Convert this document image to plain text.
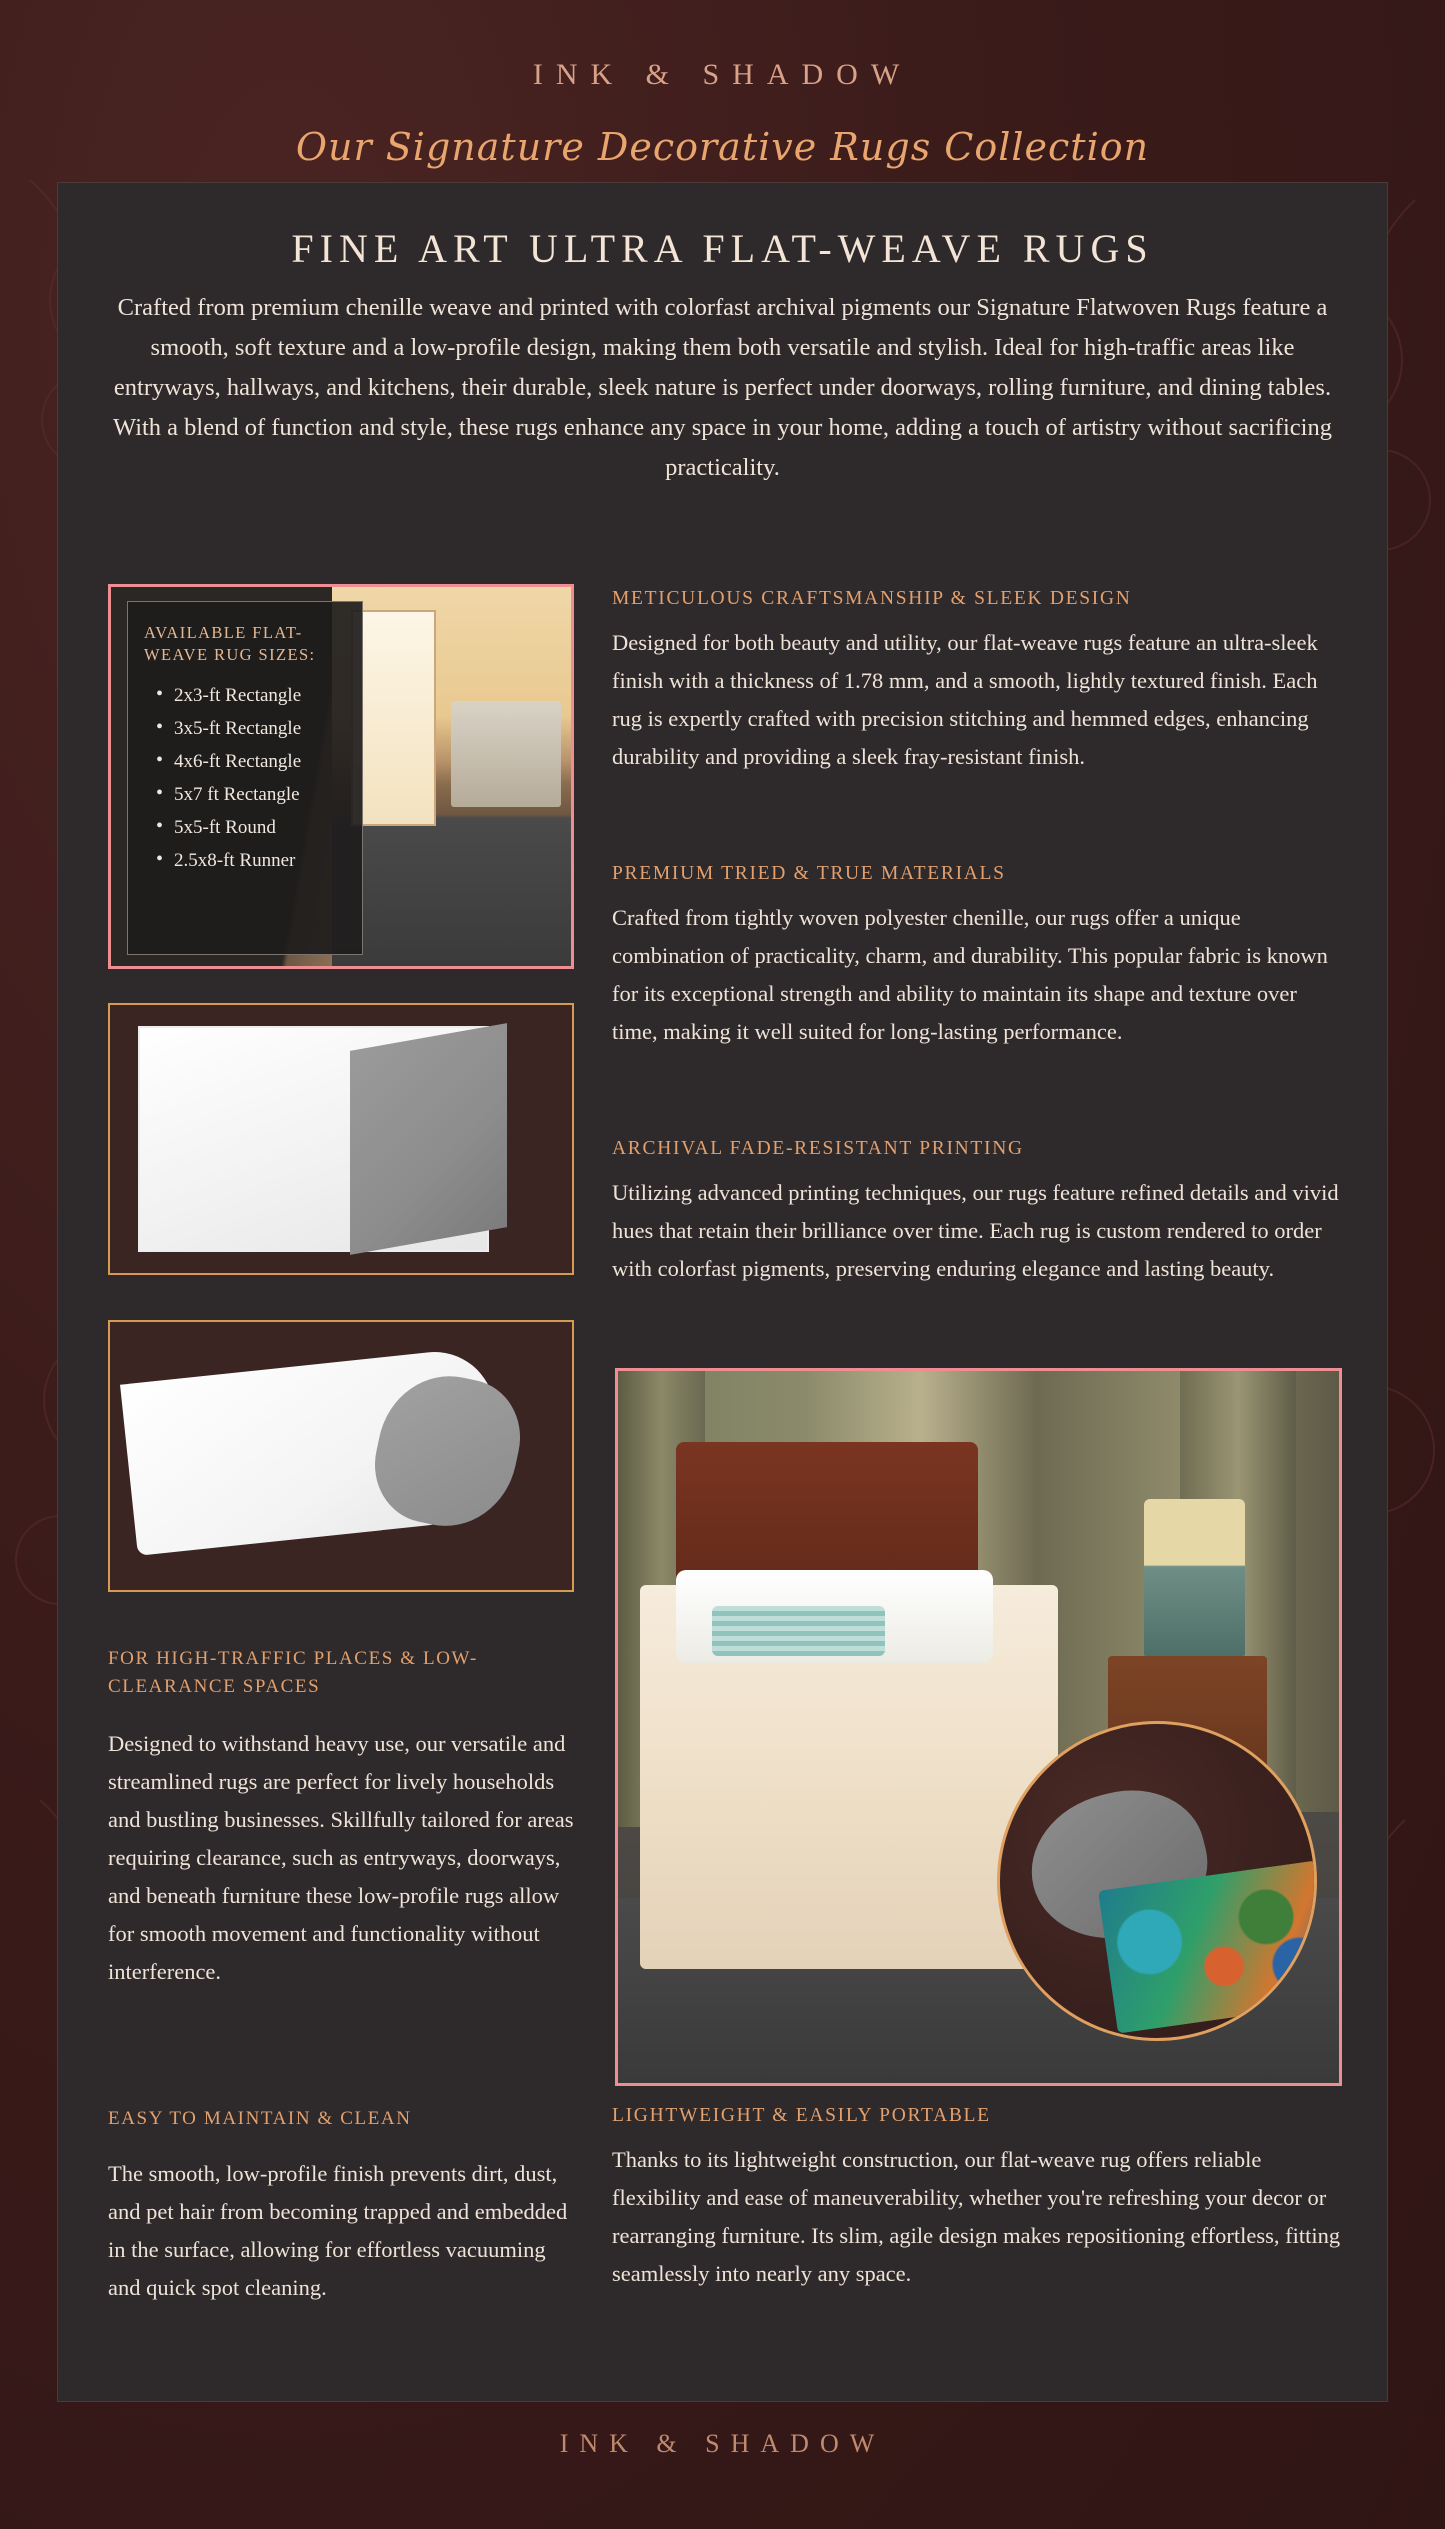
INK & SHADOW
Our Signature Decorative Rugs Collection
FINE ART ULTRA FLAT-WEAVE RUGS
Crafted from premium chenille weave and printed with colorfast archival pigments our Signature Flatwoven Rugs feature a smooth, soft texture and a low-profile design, making them both versatile and stylish. Ideal for high-traffic areas like entryways, hallways, and kitchens, their durable, sleek nature is perfect under doorways, rolling furniture, and dining tables. With a blend of function and style, these rugs enhance any space in your home, adding a touch of artistry without sacrificing practicality.
AVAILABLE FLAT-WEAVE RUG SIZES:
• 2x3-ft Rectangle
• 3x5-ft Rectangle
• 4x6-ft Rectangle
• 5x7 ft Rectangle
• 5x5-ft Round
• 2.5x8-ft Runner
FOR HIGH-TRAFFIC PLACES & LOW-CLEARANCE SPACES
Designed to withstand heavy use, our versatile and streamlined rugs are perfect for lively households and bustling businesses. Skillfully tailored for areas requiring clearance, such as entryways, doorways, and beneath furniture these low-profile rugs allow for smooth movement and functionality without interference.
EASY TO MAINTAIN & CLEAN
The smooth, low-profile finish prevents dirt, dust, and pet hair from becoming trapped and embedded in the surface, allowing for effortless vacuuming and quick spot cleaning.
METICULOUS CRAFTSMANSHIP & SLEEK DESIGN
Designed for both beauty and utility, our flat-weave rugs feature an ultra-sleek finish with a thickness of 1.78 mm, and a smooth, lightly textured finish. Each rug is expertly crafted with precision stitching and hemmed edges, enhancing durability and providing a sleek fray-resistant finish.
PREMIUM TRIED & TRUE MATERIALS
Crafted from tightly woven polyester chenille, our rugs offer a unique combination of practicality, charm, and durability. This popular fabric is known for its exceptional strength and ability to maintain its shape and texture over time, making it well suited for long-lasting performance.
ARCHIVAL FADE-RESISTANT PRINTING
Utilizing advanced printing techniques, our rugs feature refined details and vivid hues that retain their brilliance over time. Each rug is custom rendered to order with colorfast pigments, preserving enduring elegance and lasting beauty.
LIGHTWEIGHT & EASILY PORTABLE
Thanks to its lightweight construction, our flat-weave rug offers reliable flexibility and ease of maneuverability, whether you're refreshing your decor or rearranging furniture. Its slim, agile design makes repositioning effortless, fitting seamlessly into nearly any space.
INK & SHADOW
